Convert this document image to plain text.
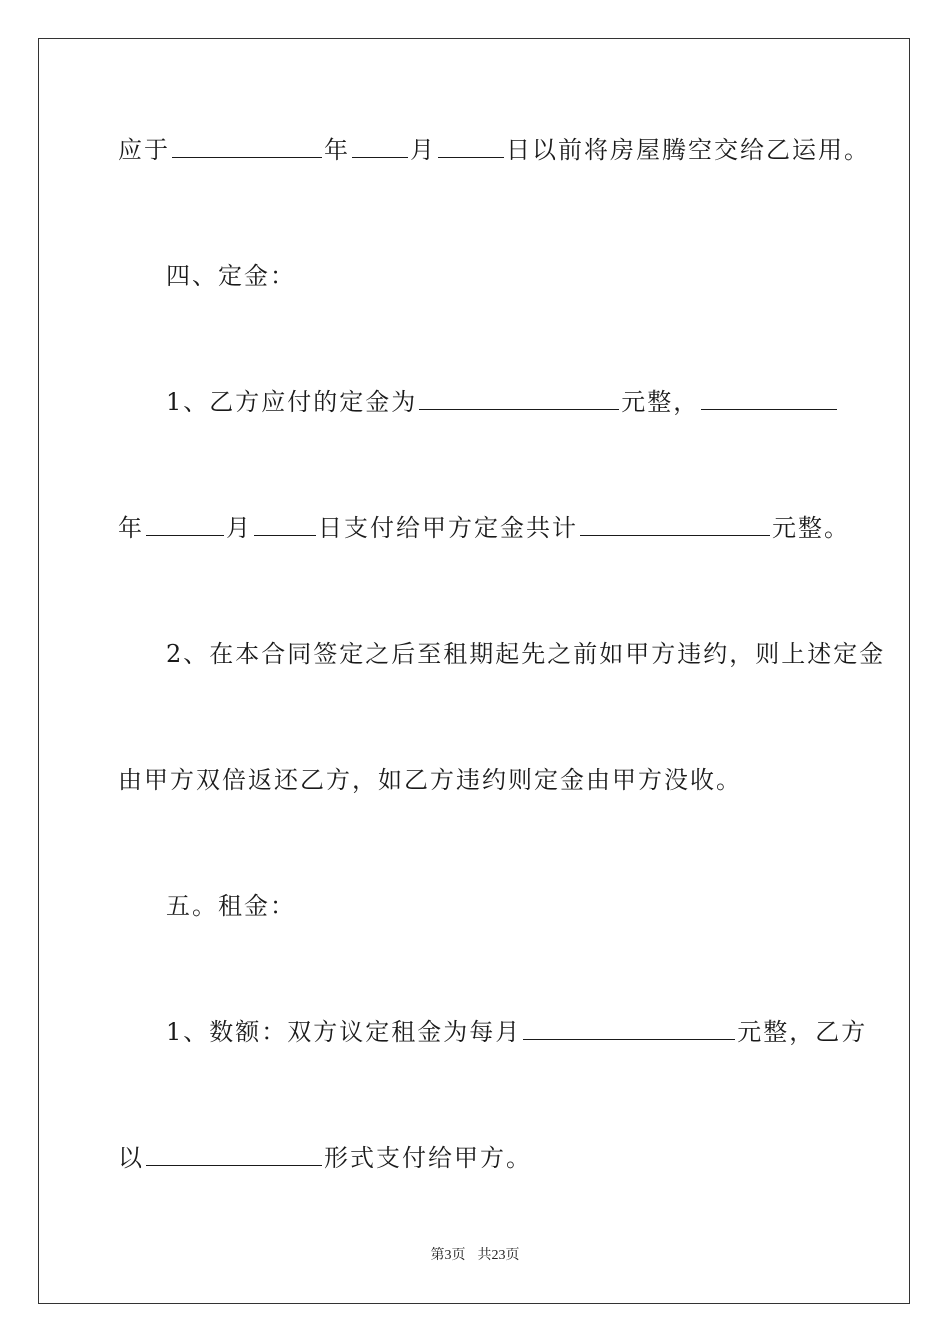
应于	年	月	日以前将房屋腾空交给乙运用。
四、定金：
1、乙方应付的定金为	元整，
年	月	日支付给甲方定金共计	元整。
2、在本合同签定之后至租期起先之前如甲方违约，则上述定金
由甲方双倍返还乙方，如乙方违约则定金由甲方没收。
五。租金：
1、数额：双方议定租金为每月	元整，乙方
以	形式支付给甲方。
第3页 共23页
